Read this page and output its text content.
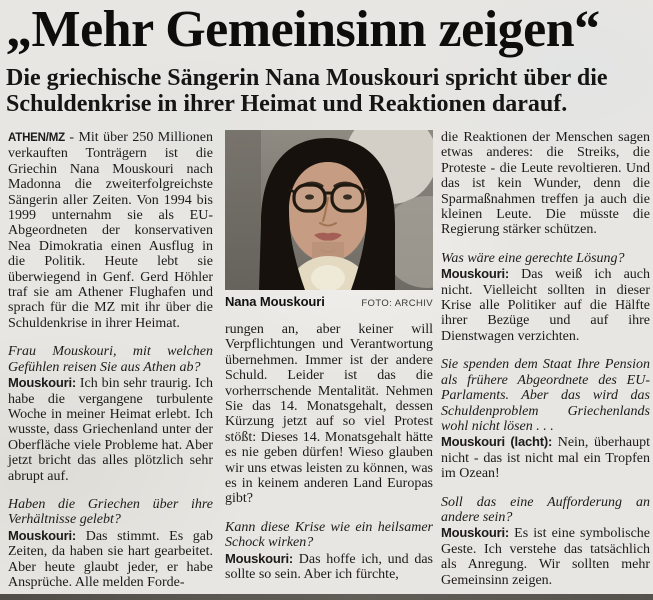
„Mehr Gemeinsinn zeigen“
Die griechische Sängerin Nana Mouskouri spricht über die Schuldenkrise in ihrer Heimat und Reaktionen darauf.

ATHEN/MZ - Mit über 250 Millionen verkauften Tonträgern ist die Griechin Nana Mouskouri nach Madonna die zweiterfolgreichste Sängerin aller Zeiten. Von 1994 bis 1999 unternahm sie als EU-Abgeordneten der konservativen Nea Dimokratia einen Ausflug in die Politik. Heute lebt sie überwiegend in Genf. Gerd Höhler traf sie am Athener Flughafen und sprach für die MZ mit ihr über die Schuldenkrise in ihrer Heimat.

Frau Mouskouri, mit welchen Gefühlen reisen Sie aus Athen ab?

Mouskouri: Ich bin sehr traurig. Ich habe die vergangene turbulente Woche in meiner Heimat erlebt. Ich wusste, dass Griechenland unter der Oberfläche viele Probleme hat. Aber jetzt bricht das alles plötzlich sehr abrupt auf.

Haben die Griechen über ihre Verhältnisse gelebt?

Mouskouri: Das stimmt. Es gab Zeiten, da haben sie hart gearbeitet. Aber heute glaubt jeder, er habe Ansprüche. Alle melden Forde-

Nana Mouskouri	FOTO: ARCHIV

rungen an, aber keiner will Verpflichtungen und Verantwortung übernehmen. Immer ist der andere Schuld. Leider ist das die vorherrschende Mentalität. Nehmen Sie das 14. Monatsgehalt, dessen Kürzung jetzt auf so viel Protest stößt: Dieses 14. Monatsgehalt hätte es nie geben dürfen! Wieso glauben wir uns etwas leisten zu können, was es in keinem anderen Land Europas gibt?

Kann diese Krise wie ein heilsamer Schock wirken?

Mouskouri: Das hoffe ich, und das sollte so sein. Aber ich fürchte,

die Reaktionen der Menschen sagen etwas anderes: die Streiks, die Proteste - die Leute revoltieren. Und das ist kein Wunder, denn die Sparmaßnahmen treffen ja auch die kleinen Leute. Die müsste die Regierung stärker schützen.

Was wäre eine gerechte Lösung?

Mouskouri: Das weiß ich auch nicht. Vielleicht sollten in dieser Krise alle Politiker auf die Hälfte ihrer Bezüge und auf ihre Dienstwagen verzichten.

Sie spenden dem Staat Ihre Pension als frühere Abgeordnete des EU-Parlaments. Aber das wird das Schuldenproblem Griechenlands wohl nicht lösen . . .

Mouskouri (lacht): Nein, überhaupt nicht - das ist nicht mal ein Tropfen im Ozean!

Soll das eine Aufforderung an andere sein?

Mouskouri: Es ist eine symbolische Geste. Ich verstehe das tatsächlich als Anregung. Wir sollten mehr Gemeinsinn zeigen.
